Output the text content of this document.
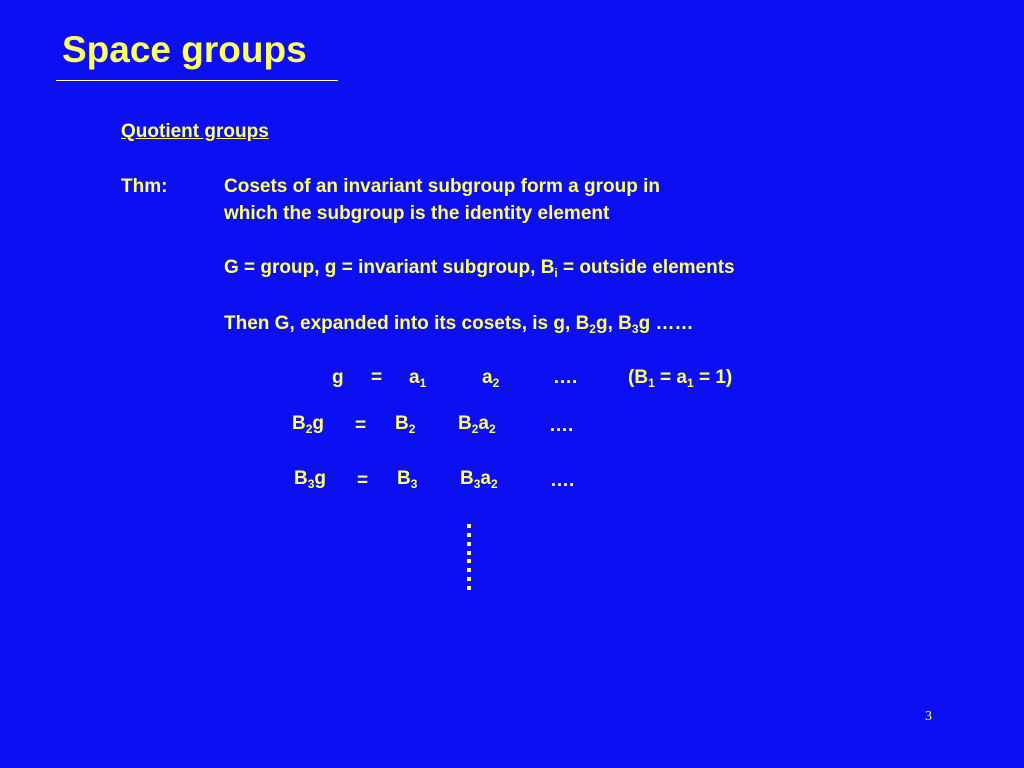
Space groups
Quotient groups
Thm:	Cosets of an invariant subgroup form a group in
which the subgroup is the identity element
G = group, g = invariant subgroup, $B_i$ = outside elements
Then G, expanded into its cosets, is g, $B_2g$, $B_3g$ ……
$g = a_1$	$a_2$	….	$(B_1 = a_1 = 1)$
$B_2g = B_2$ $B_2a_2$	….
$B_3g = B_3$ $B_3a_2$	….
3
